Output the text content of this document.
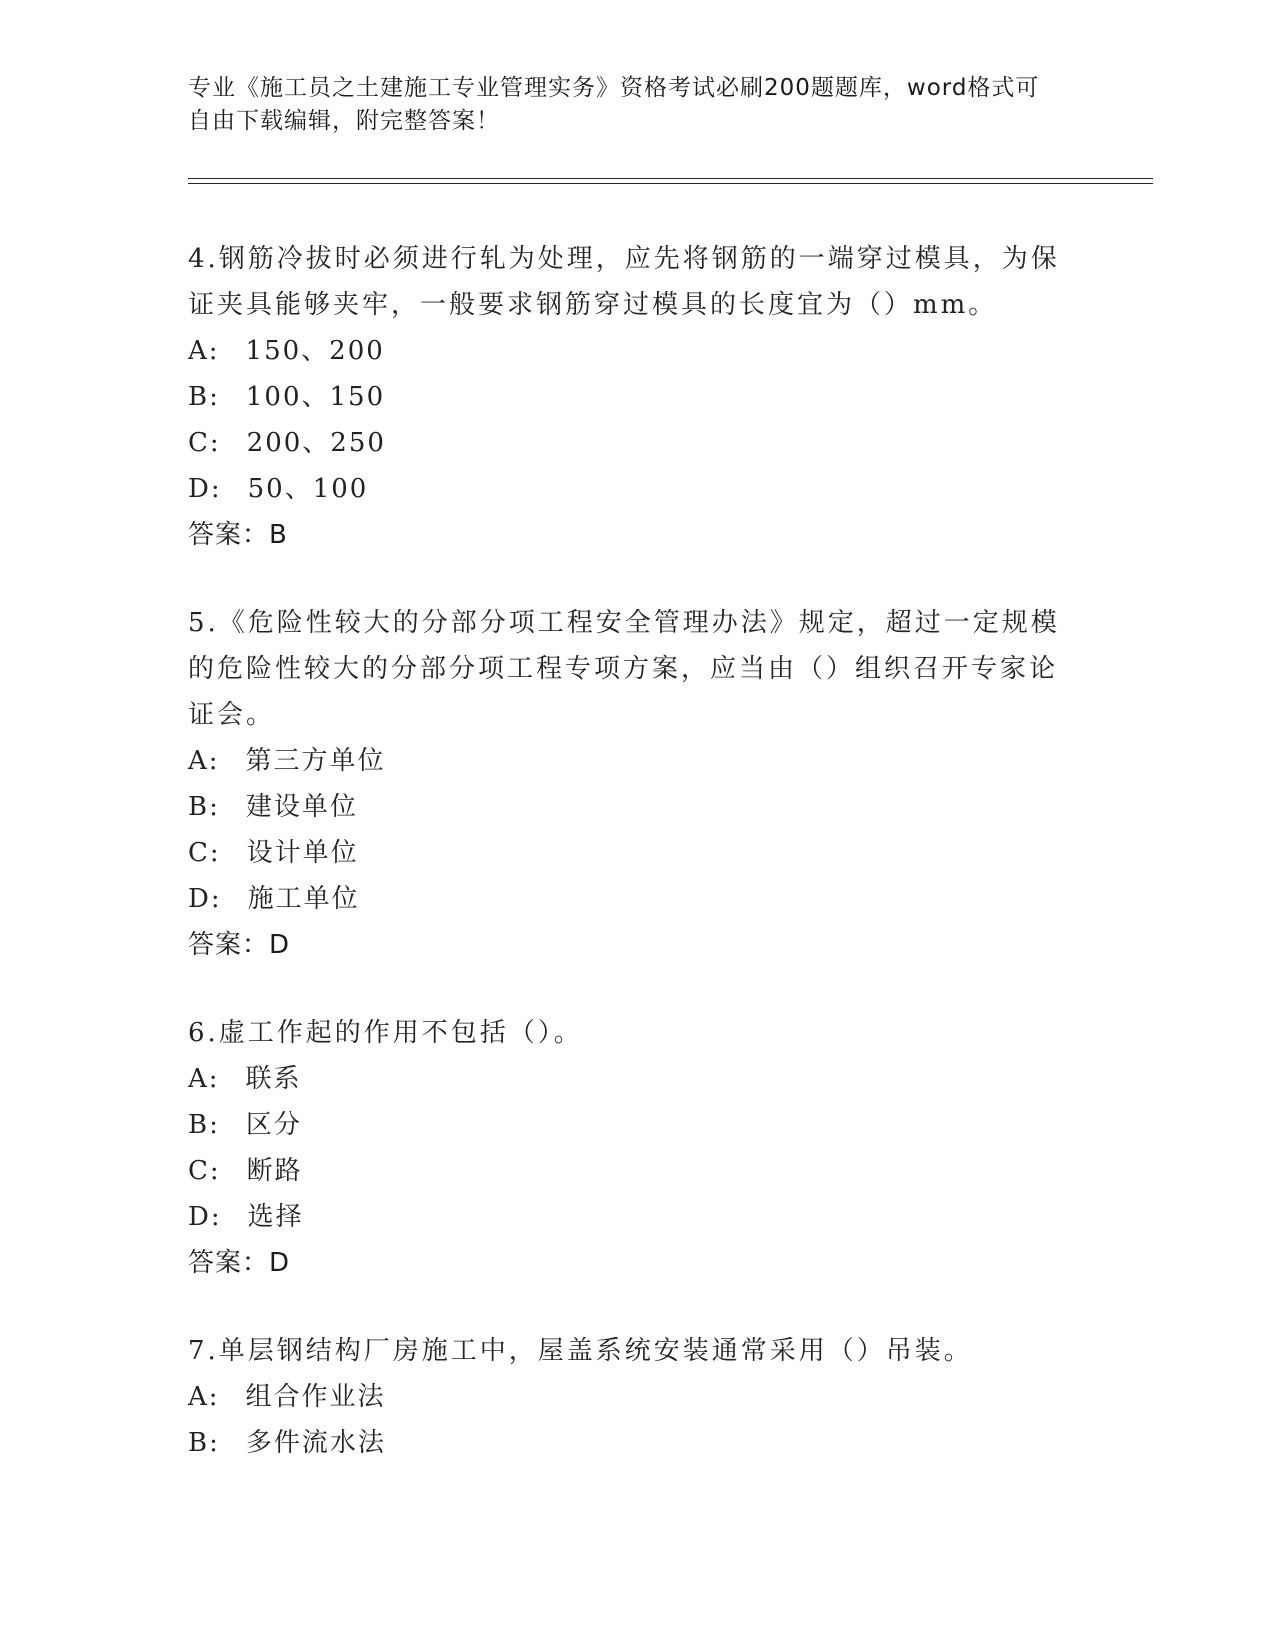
专业《施工员之土建施工专业管理实务》资格考试必刷200题题库，word格式可
自由下载编辑，附完整答案！

4.钢筋冷拔时必须进行轧为处理，应先将钢筋的一端穿过模具，为保证夹具能够夹牢，一般要求钢筋穿过模具的长度宜为（）mm。

A: 150、200

B: 100、150

C: 200、250

D: 50、100

答案：B

5.《危险性较大的分部分项工程安全管理办法》规定，超过一定规模的危险性较大的分部分项工程专项方案，应当由（）组织召开专家论证会。

A: 第三方单位

B: 建设单位

C: 设计单位

D: 施工单位

答案：D

6.虚工作起的作用不包括（）。

A: 联系

B: 区分

C: 断路

D: 选择

答案：D

7.单层钢结构厂房施工中，屋盖系统安装通常采用（）吊装。

A: 组合作业法

B: 多件流水法
